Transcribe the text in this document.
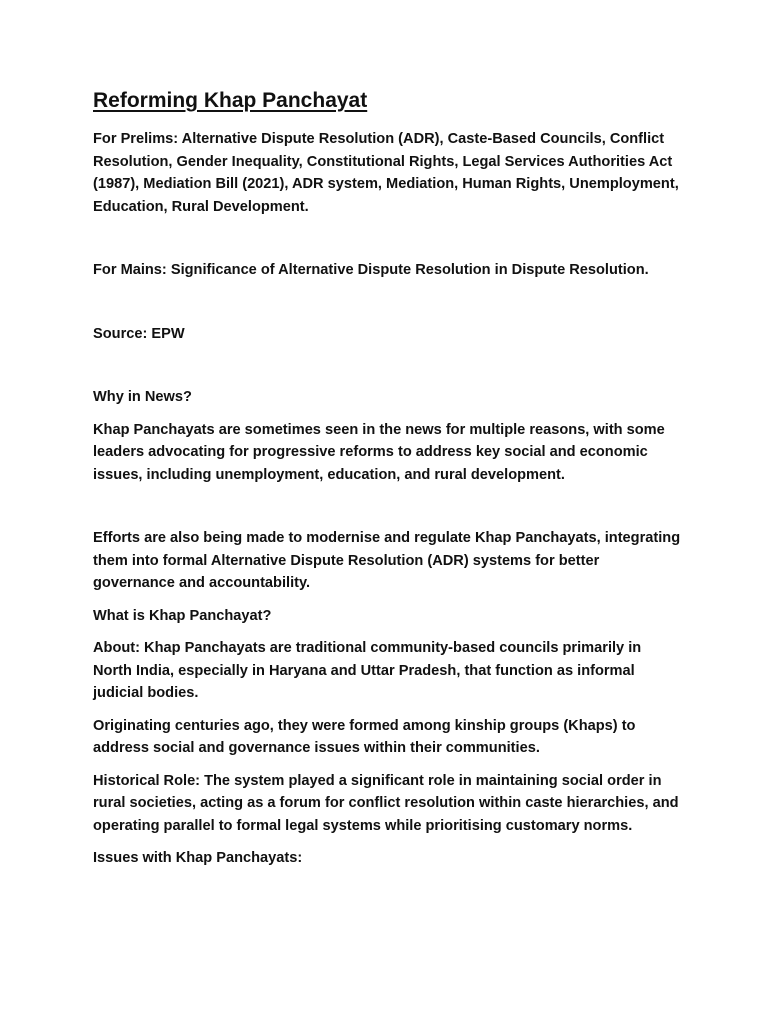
Reforming Khap Panchayat

For Prelims: Alternative Dispute Resolution (ADR), Caste-Based Councils, Conflict Resolution, Gender Inequality, Constitutional Rights, Legal Services Authorities Act (1987), Mediation Bill (2021), ADR system, Mediation, Human Rights, Unemployment, Education, Rural Development.

For Mains: Significance of Alternative Dispute Resolution in Dispute Resolution.

Source: EPW

Why in News?

Khap Panchayats are sometimes seen in the news for multiple reasons, with some leaders advocating for progressive reforms to address key social and economic issues, including unemployment, education, and rural development.

Efforts are also being made to modernise and regulate Khap Panchayats, integrating them into formal Alternative Dispute Resolution (ADR) systems for better governance and accountability.

What is Khap Panchayat?

About: Khap Panchayats are traditional community-based councils primarily in North India, especially in Haryana and Uttar Pradesh, that function as informal judicial bodies.

Originating centuries ago, they were formed among kinship groups (Khaps) to address social and governance issues within their communities.

Historical Role: The system played a significant role in maintaining social order in rural societies, acting as a forum for conflict resolution within caste hierarchies, and operating parallel to formal legal systems while prioritising customary norms.

Issues with Khap Panchayats:
